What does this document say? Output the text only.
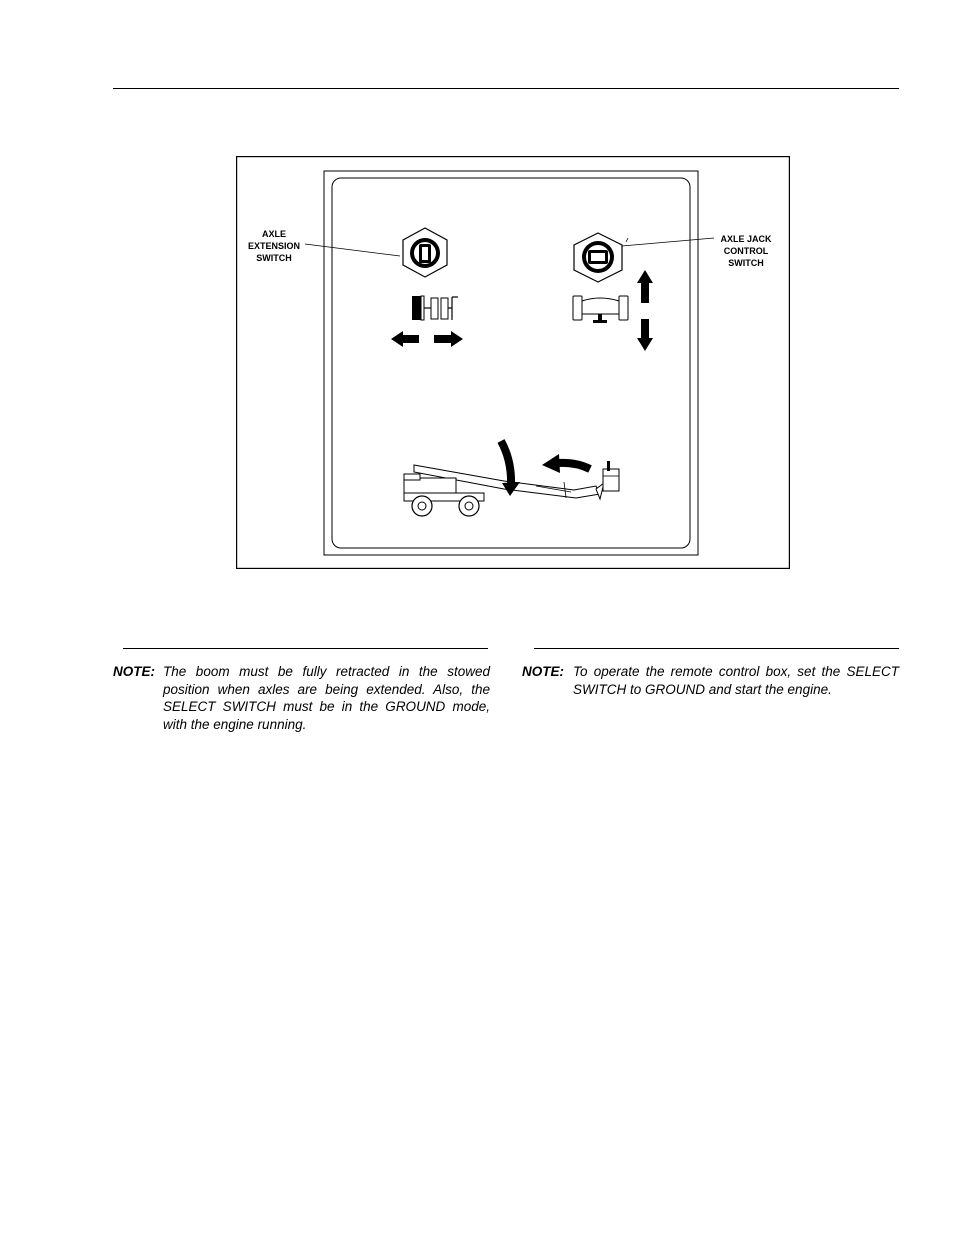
AXLE
EXTENSION
SWITCH
AXLE JACK
CONTROL
SWITCH
NOTE: The boom must be fully retracted in the stowed position when axles are being extended. Also, the SELECT SWITCH must be in the GROUND mode, with the engine running.
NOTE: To operate the remote control box, set the SELECT SWITCH to GROUND and start the engine.
